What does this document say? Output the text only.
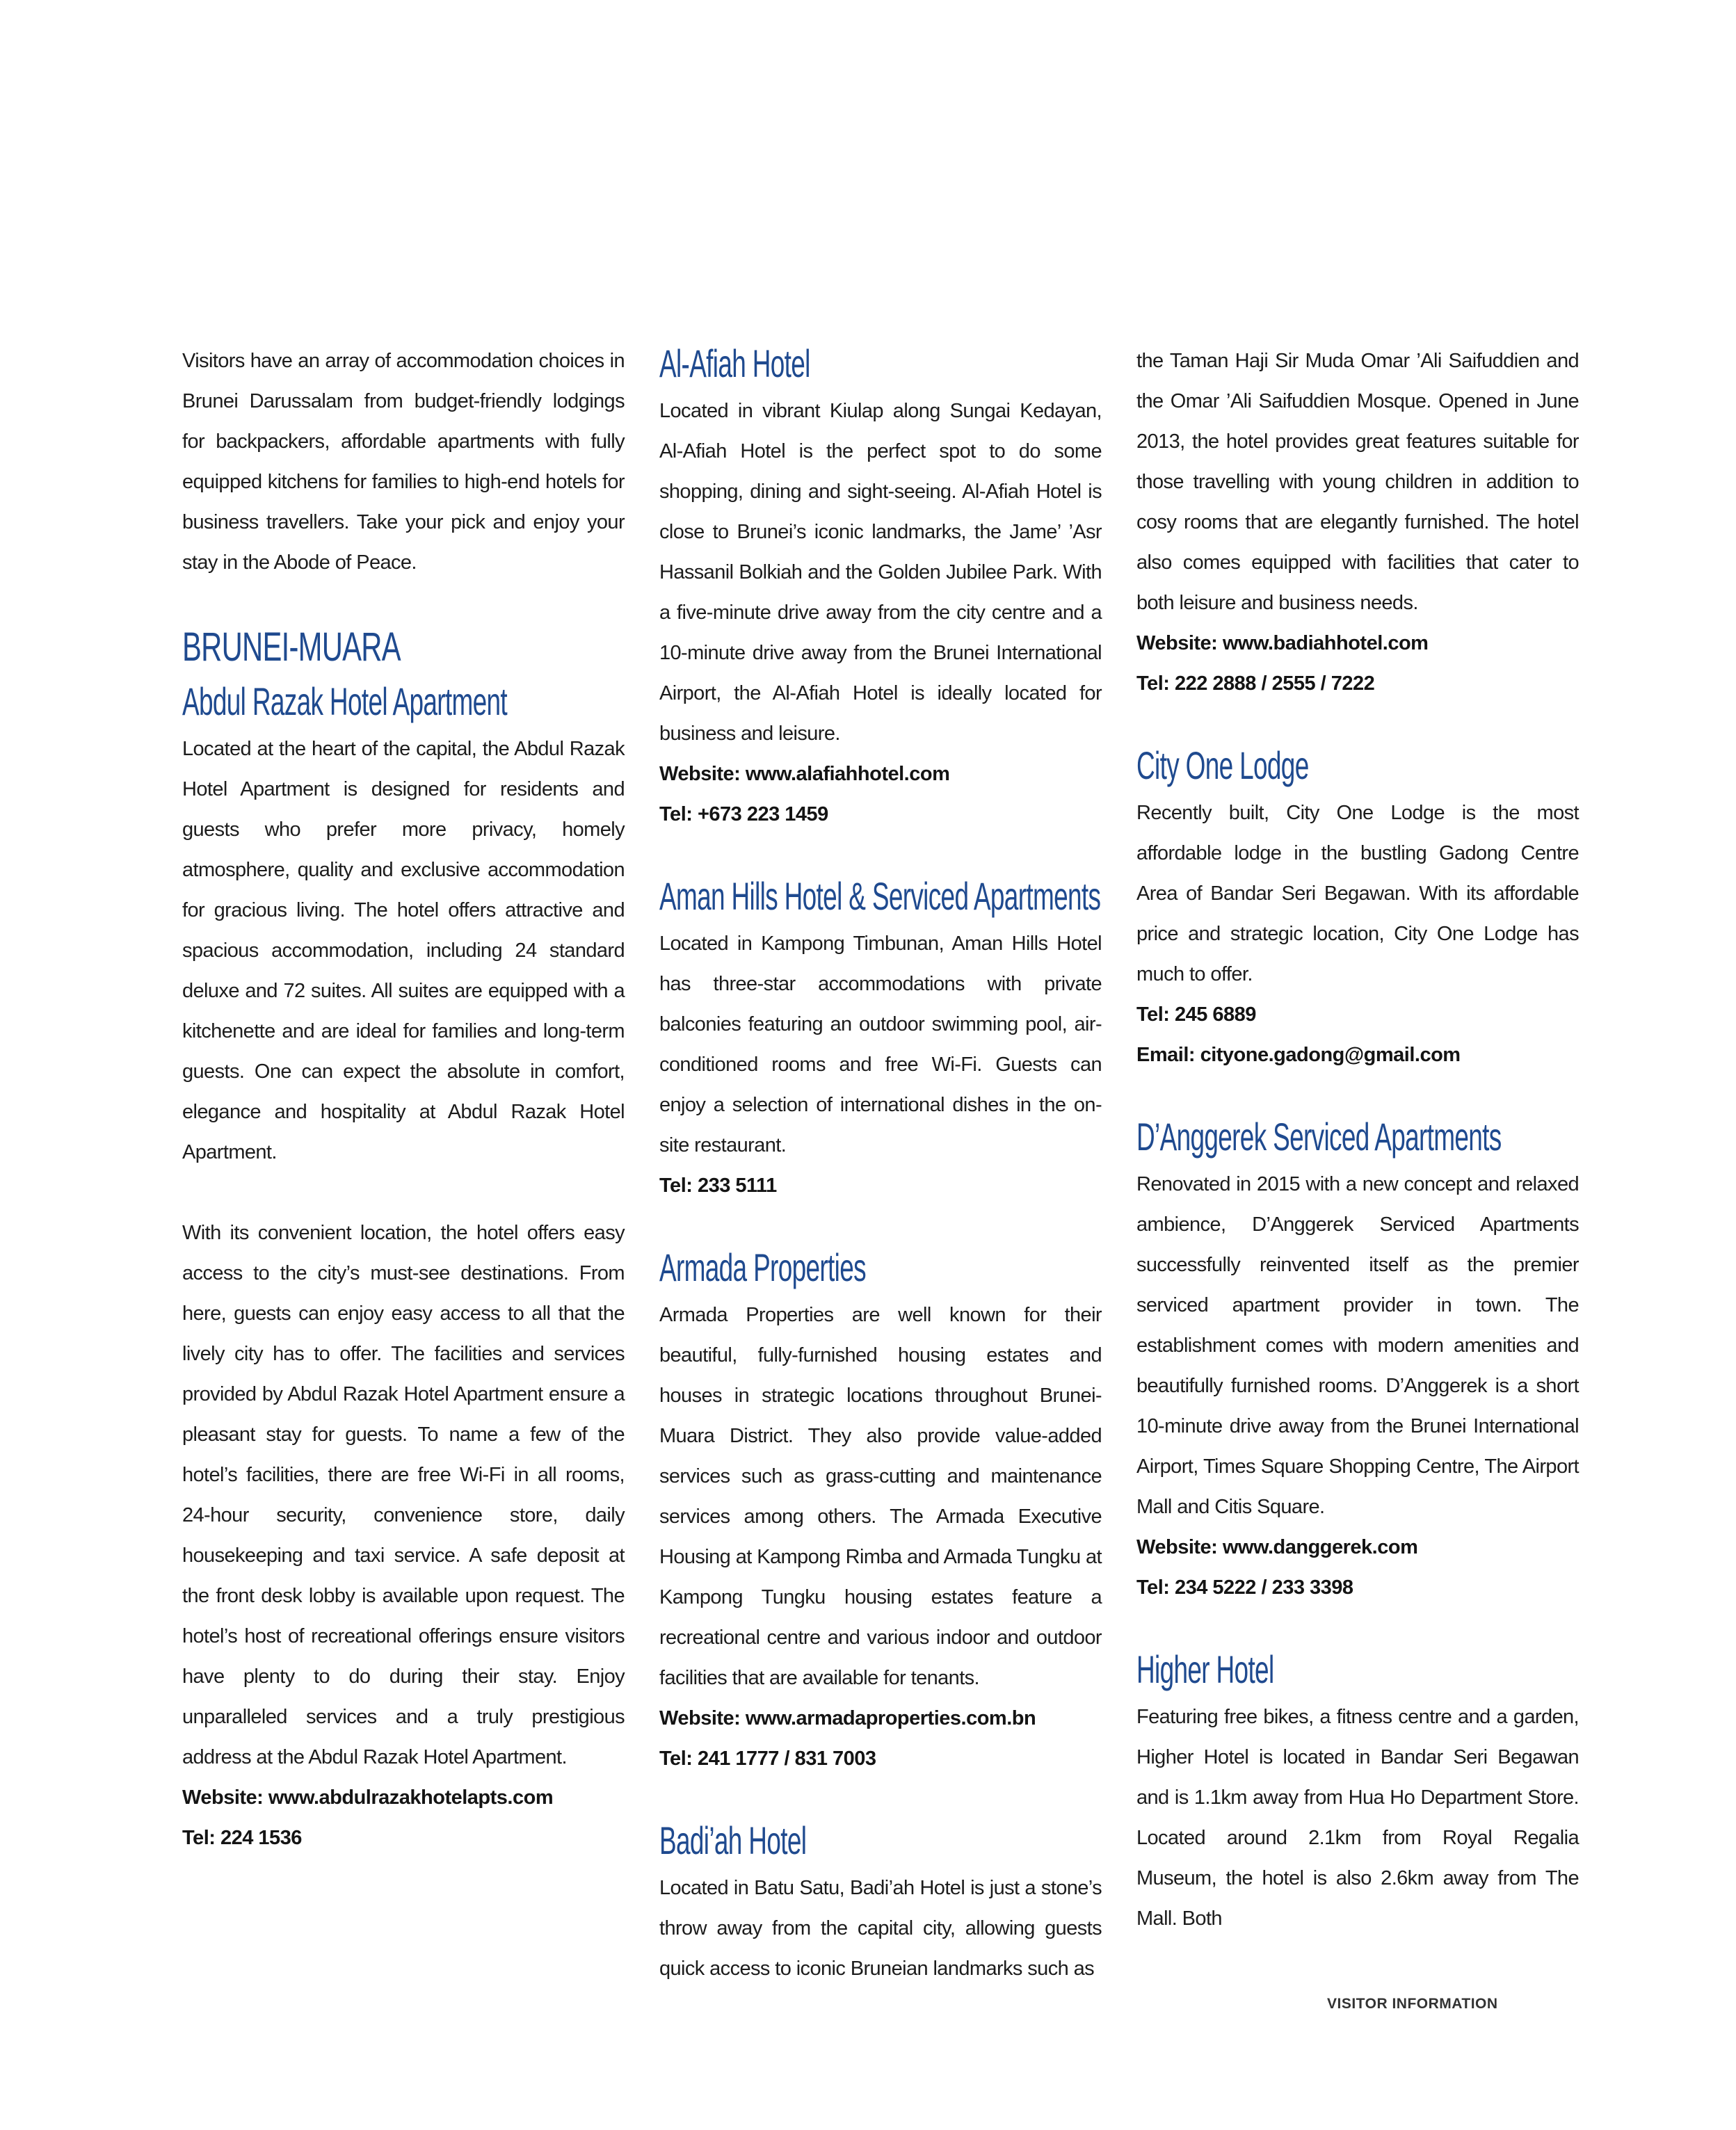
Visitors have an array of accommodation choices in Brunei Darussalam from budget-friendly lodgings for backpackers, affordable apartments with fully equipped kitchens for families to high-end hotels for business travellers. Take your pick and enjoy your stay in the Abode of Peace.

BRUNEI-MUARA
Abdul Razak Hotel Apartment

Located at the heart of the capital, the Abdul Razak Hotel Apartment is designed for residents and guests who prefer more privacy, homely atmosphere, quality and exclusive accommodation for gracious living. The hotel offers attractive and spacious accommodation, including 24 standard deluxe and 72 suites. All suites are equipped with a kitchenette and are ideal for families and long-term guests. One can expect the absolute in comfort, elegance and hospitality at Abdul Razak Hotel Apartment.

With its convenient location, the hotel offers easy access to the city’s must-see destinations. From here, guests can enjoy easy access to all that the lively city has to offer. The facilities and services provided by Abdul Razak Hotel Apartment ensure a pleasant stay for guests. To name a few of the hotel’s facilities, there are free Wi-Fi in all rooms, 24-hour security, convenience store, daily housekeeping and taxi service. A safe deposit at the front desk lobby is available upon request. The hotel’s host of recreational offerings ensure visitors have plenty to do during their stay. Enjoy unparalleled services and a truly prestigious address at the Abdul Razak Hotel Apartment.

Website: www.abdulrazakhotelapts.com

Tel: 224 1536

Al-Afiah Hotel

Located in vibrant Kiulap along Sungai Kedayan, Al-Afiah Hotel is the perfect spot to do some shopping, dining and sight-seeing. Al-Afiah Hotel is close to Brunei’s iconic landmarks, the Jame’ ’Asr Hassanil Bolkiah and the Golden Jubilee Park. With a five-minute drive away from the city centre and a 10-minute drive away from the Brunei International Airport, the Al-Afiah Hotel is ideally located for business and leisure.

Website: www.alafiahhotel.com

Tel: +673 223 1459

Aman Hills Hotel & Serviced Apartments

Located in Kampong Timbunan, Aman Hills Hotel has three-star accommodations with private balconies featuring an outdoor swimming pool, air-conditioned rooms and free Wi-Fi. Guests can enjoy a selection of international dishes in the on-site restaurant.

Tel: 233 5111

Armada Properties

Armada Properties are well known for their beautiful, fully-furnished housing estates and houses in strategic locations throughout Brunei-Muara District. They also provide value-added services such as grass-cutting and maintenance services among others. The Armada Executive Housing at Kampong Rimba and Armada Tungku at Kampong Tungku housing estates feature a recreational centre and various indoor and outdoor facilities that are available for tenants.

Website: www.armadaproperties.com.bn

Tel: 241 1777 / 831 7003

Badi’ah Hotel

Located in Batu Satu, Badi’ah Hotel is just a stone’s throw away from the capital city, allowing guests quick access to iconic Bruneian landmarks such as

the Taman Haji Sir Muda Omar ’Ali Saifuddien and the Omar ’Ali Saifuddien Mosque. Opened in June 2013, the hotel provides great features suitable for those travelling with young children in addition to cosy rooms that are elegantly furnished. The hotel also comes equipped with facilities that cater to both leisure and business needs.

Website: www.badiahhotel.com

Tel: 222 2888 / 2555 / 7222

City One Lodge

Recently built, City One Lodge is the most affordable lodge in the bustling Gadong Centre Area of Bandar Seri Begawan. With its affordable price and strategic location, City One Lodge has much to offer.

Tel: 245 6889

Email: cityone.gadong@gmail.com

D’Anggerek Serviced Apartments

Renovated in 2015 with a new concept and relaxed ambience, D’Anggerek Serviced Apartments successfully reinvented itself as the premier serviced apartment provider in town. The establishment comes with modern amenities and beautifully furnished rooms. D’Anggerek is a short 10-minute drive away from the Brunei International Airport, Times Square Shopping Centre, The Airport Mall and Citis Square.

Website: www.danggerek.com

Tel: 234 5222 / 233 3398

Higher Hotel

Featuring free bikes, a fitness centre and a garden, Higher Hotel is located in Bandar Seri Begawan and is 1.1km away from Hua Ho Department Store. Located around 2.1km from Royal Regalia Museum, the hotel is also 2.6km away from The Mall. Both

VISITOR INFORMATION
